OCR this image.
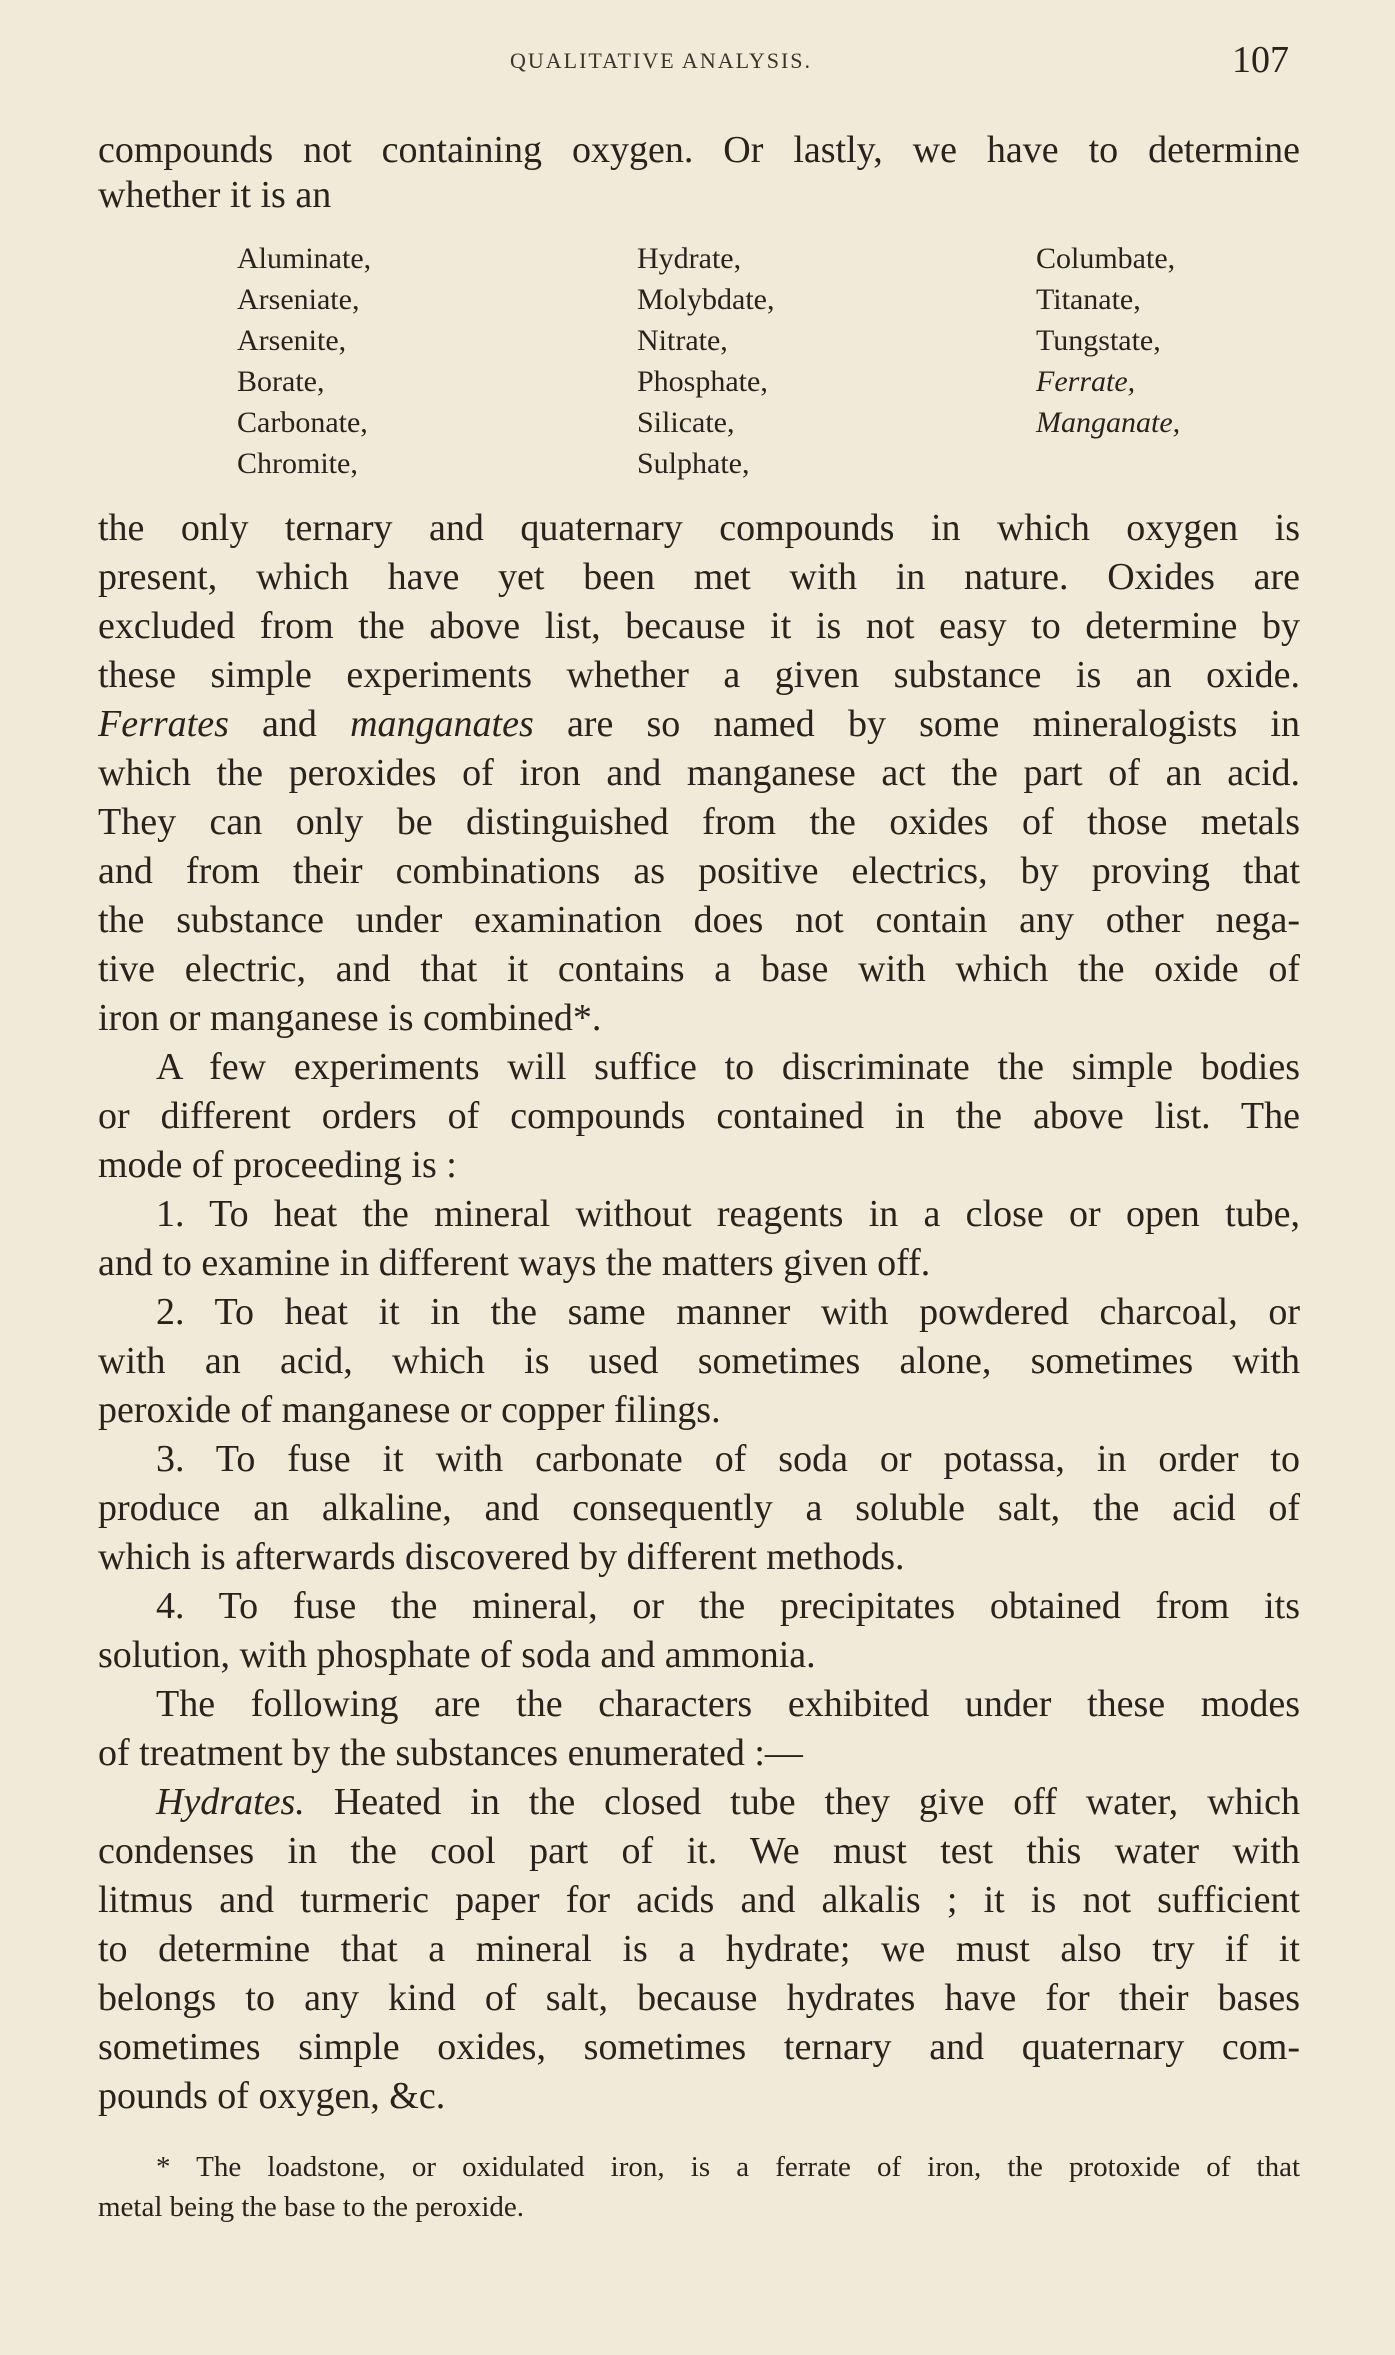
QUALITATIVE ANALYSIS.	107
compounds not containing oxygen. Or lastly, we have to determine
whether it is an
Aluminate,
Arseniate,
Arsenite,
Borate,
Carbonate,
Chromite,
Hydrate,
Molybdate,
Nitrate,
Phosphate,
Silicate,
Sulphate,
Columbate,
Titanate,
Tungstate,
Ferrate,
Manganate,
the only ternary and quaternary compounds in which oxygen is
present, which have yet been met with in nature. Oxides are
excluded from the above list, because it is not easy to determine by
these simple experiments whether a given substance is an oxide.
Ferrates and manganates are so named by some mineralogists in
which the peroxides of iron and manganese act the part of an acid.
They can only be distinguished from the oxides of those metals
and from their combinations as positive electrics, by proving that
the substance under examination does not contain any other nega-
tive electric, and that it contains a base with which the oxide of
iron or manganese is combined*.
A few experiments will suffice to discriminate the simple bodies
or different orders of compounds contained in the above list. The
mode of proceeding is :
1. To heat the mineral without reagents in a close or open tube,
and to examine in different ways the matters given off.
2. To heat it in the same manner with powdered charcoal, or
with an acid, which is used sometimes alone, sometimes with
peroxide of manganese or copper filings.
3. To fuse it with carbonate of soda or potassa, in order to
produce an alkaline, and consequently a soluble salt, the acid of
which is afterwards discovered by different methods.
4. To fuse the mineral, or the precipitates obtained from its
solution, with phosphate of soda and ammonia.
The following are the characters exhibited under these modes
of treatment by the substances enumerated :—
Hydrates. Heated in the closed tube they give off water, which
condenses in the cool part of it. We must test this water with
litmus and turmeric paper for acids and alkalis ; it is not sufficient
to determine that a mineral is a hydrate; we must also try if it
belongs to any kind of salt, because hydrates have for their bases
sometimes simple oxides, sometimes ternary and quaternary com-
pounds of oxygen, &c.
* The loadstone, or oxidulated iron, is a ferrate of iron, the protoxide of that
metal being the base to the peroxide.
